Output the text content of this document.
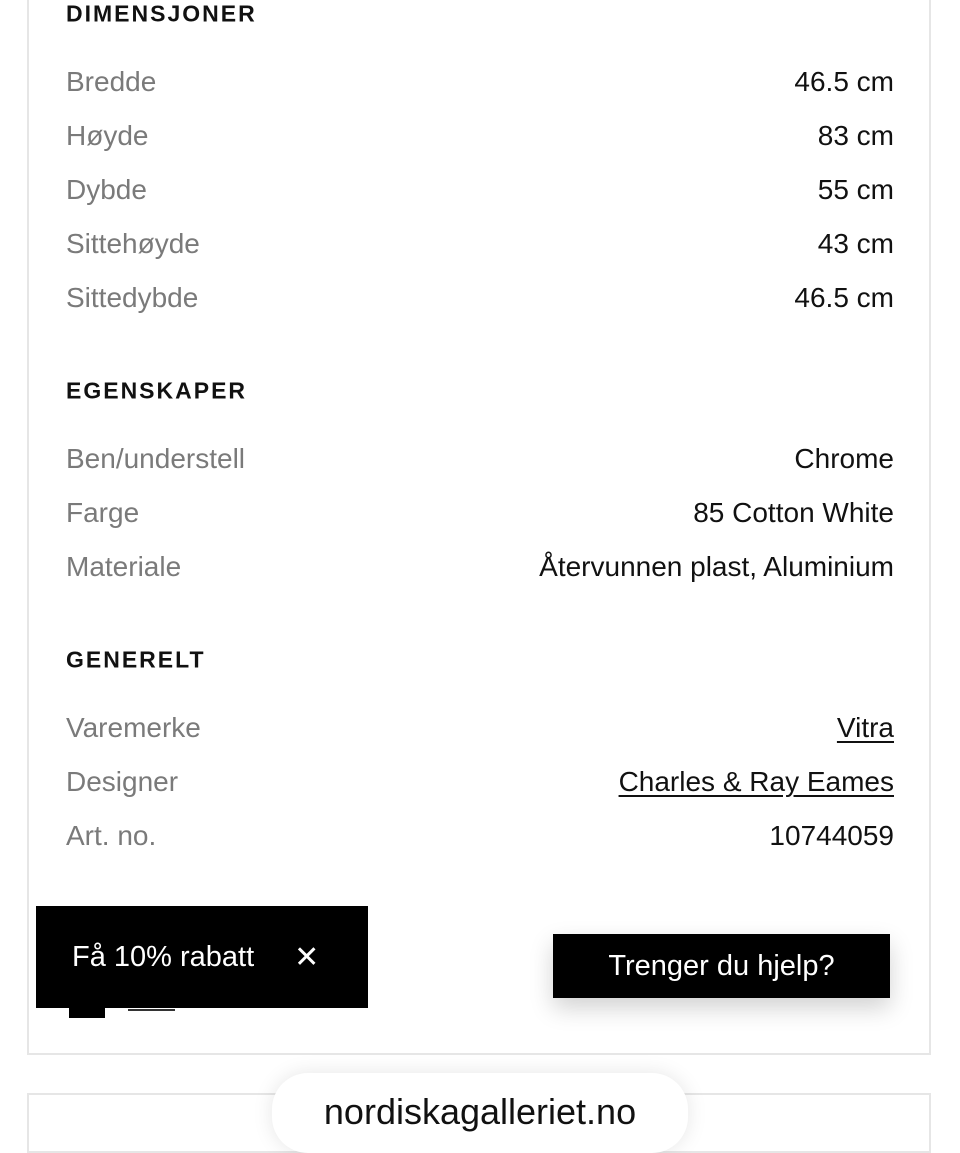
DIMENSJONER
Bredde	46.5 cm
Høyde	83 cm
Dybde	55 cm
Sittehøyde	43 cm
Sittedybde	46.5 cm
EGENSKAPER
Ben/understell	Chrome
Farge	85 Cotton White
Materiale	Återvunnen plast, Aluminium
GENERELT
Varemerke	Vitra
Designer	Charles & Ray Eames
Art. no.	10744059
Få 10% rabatt ✕	Trenger du hjelp?
nordiskagalleriet.no
